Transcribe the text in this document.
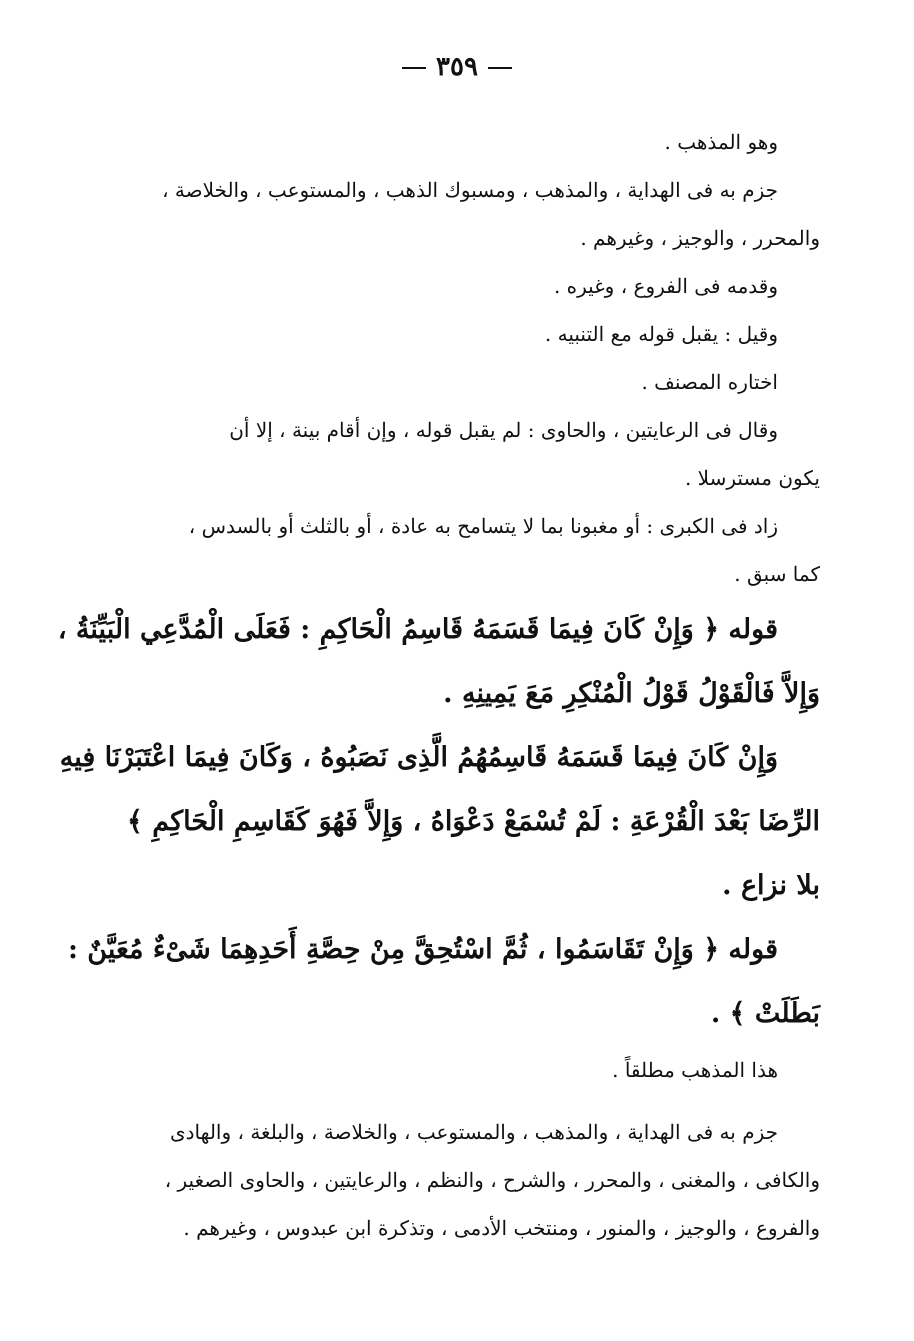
٣٥٩
وهو المذهب .
جزم به فى الهداية ، والمذهب ، ومسبوك الذهب ، والمستوعب ، والخلاصة ،
والمحرر ، والوجيز ، وغيرهم .
وقدمه فى الفروع ، وغيره .
وقيل : يقبل قوله مع التنبيه .
اختاره المصنف .
وقال فى الرعايتين ، والحاوى : لم يقبل قوله ، وإن أقام بينة ، إلا أن
يكون مسترسلا .
زاد فى الكبرى : أو مغبونا بما لا يتسامح به عادة ، أو بالثلث أو بالسدس ،
كما سبق .
قوله ﴿ وَإِنْ كَانَ فِيمَا قَسَمَهُ قَاسِمُ الْحَاكِمِ : فَعَلَى الْمُدَّعِي الْبَيِّنَةُ ،
وَإِلاَّ فَالْقَوْلُ قَوْلُ الْمُنْكِرِ مَعَ يَمِينِهِ .
وَإِنْ كَانَ فِيمَا قَسَمَهُ قَاسِمُهُمُ الَّذِى نَصَبُوهُ ، وَكَانَ فِيمَا اعْتَبَرْنَا فِيهِ
الرِّضَا بَعْدَ الْقُرْعَةِ : لَمْ تُسْمَعْ دَعْوَاهُ ، وَإِلاَّ فَهُوَ كَقَاسِمِ الْحَاكِمِ ﴾
بلا نزاع .
قوله ﴿ وَإِنْ تَقَاسَمُوا ، ثُمَّ اسْتُحِقَّ مِنْ حِصَّةِ أَحَدِهِمَا شَىْءٌ مُعَيَّنٌ :
بَطَلَتْ ﴾ .
هذا المذهب مطلقاً .
جزم به فى الهداية ، والمذهب ، والمستوعب ، والخلاصة ، والبلغة ، والهادى
والكافى ، والمغنى ، والمحرر ، والشرح ، والنظم ، والرعايتين ، والحاوى الصغير ،
والفروع ، والوجيز ، والمنور ، ومنتخب الأدمى ، وتذكرة ابن عبدوس ، وغيرهم .
